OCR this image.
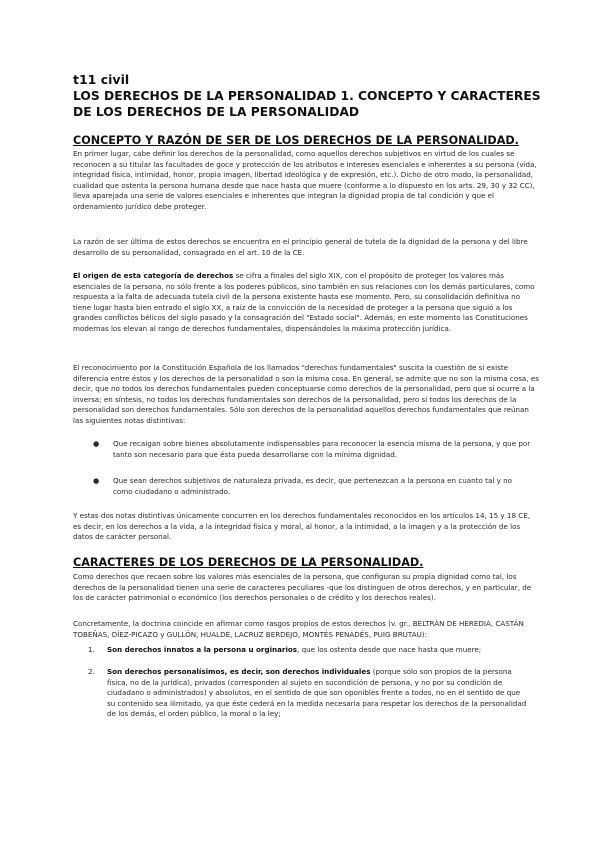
t11 civil
LOS DERECHOS DE LA PERSONALIDAD 1. CONCEPTO Y CARACTERES DE LOS DERECHOS DE LA PERSONALIDAD
CONCEPTO Y RAZÓN DE SER DE LOS DERECHOS DE LA PERSONALIDAD.

En primer lugar, cabe definir los derechos de la personalidad, como aquellos derechos subjetivos en virtud de los cuales se reconocen a su titular las facultades de goce y protección de los atributos e intereses esenciales e inherentes a su persona (vida, integridad física, intimidad, honor, propia imagen, libertad ideológica y de expresión, etc.). Dicho de otro modo, la personalidad, cualidad que ostenta la persona humana desde que nace hasta que muere (conforme a lo dispuesto en los arts. 29, 30 y 32 CC), lleva aparejada una serie de valores esenciales e inherentes que integran la dignidad propia de tal condición y que el ordenamiento jurídico debe proteger.

La razón de ser última de estos derechos se encuentra en el principio general de tutela de la dignidad de la persona y del libre desarrollo de su personalidad, consagrado en el art. 10 de la CE.

El origen de esta categoría de derechos se cifra a finales del siglo XIX, con el propósito de proteger los valores más esenciales de la persona, no sólo frente a los poderes públicos, sino también en sus relaciones con los demás particulares, como respuesta a la falta de adecuada tutela civil de la persona existente hasta ese momento. Pero, su consolidación definitiva no tiene lugar hasta bien entrado el siglo XX, a raíz de la convicción de la necesidad de proteger a la persona que siguió a los grandes conflictos bélicos del siglo pasado y la consagración del "Estado social". Además, en este momento las Constituciones modernas los elevan al rango de derechos fundamentales, dispensándoles la máxima protección jurídica.

El reconocimiento por la Constitución Española de los llamados "derechos fundamentales" suscita la cuestión de si existe diferencia entre éstos y los derechos de la personalidad o son la misma cosa. En general, se admite que no son la misma cosa, es decir, que no todos los derechos fundamentales pueden conceptuarse como derechos de la personalidad, pero que sí ocurre a la inversa; en síntesis, no todos los derechos fundamentales son derechos de la personalidad, pero sí todos los derechos de la personalidad son derechos fundamentales. Sólo son derechos de la personalidad aquellos derechos fundamentales que reúnan las siguientes notas distintivas:

●	Que recaigan sobre bienes absolutamente indispensables para reconocer la esencia misma de la persona, y que por tanto son necesario para que ésta pueda desarrollarse con la mínima dignidad.
●	Que sean derechos subjetivos de naturaleza privada, es decir, que pertenezcan a la persona en cuanto tal y no como ciudadano o administrado.

Y estas dos notas distintivas únicamente concurren en los derechos fundamentales reconocidos en los artículos 14, 15 y 18 CE, es decir, en los derechos a la vida, a la integridad física y moral, al honor, a la intimidad, a la imagen y a la protección de los datos de carácter personal.

CARACTERES DE LOS DERECHOS DE LA PERSONALIDAD.

Como derechos que recaen sobre los valores más esenciales de la persona, que configuran su propia dignidad como tal, los derechos de la personalidad tienen una serie de caracteres peculiares -que los distinguen de otros derechos, y en particular, de los de carácter patrimonial o económico (los derechos personales o de crédito y los derechos reales).

Concretamente, la doctrina coincide en afirmar como rasgos propios de estos derechos (v. gr., BELTRÁN DE HEREDIA, CASTÁN TOBEÑAS, DÍEZ-PICAZO y GULLÓN, HUALDE, LACRUZ BERDEJO, MONTÉS PENADÉS, PUIG BRUTAU):

1.	Son derechos innatos a la persona u orginarios, que los ostenta desde que nace hasta que muere;
2.	Son derechos personalísimos, es decir, son derechos individuales (porque sólo son propios de la persona física, no de la jurídica), privados (corresponden al sujeto en sucondición de persona, y no por su condición de ciudadano o administrados) y absolutos, en el sentido de que son oponibles frente a todos, no en el sentido de que su contenido sea ilimitado, ya que éste cederá en la medida necesaria para respetar los derechos de la personalidad de los demás, el orden público, la moral o la ley;
